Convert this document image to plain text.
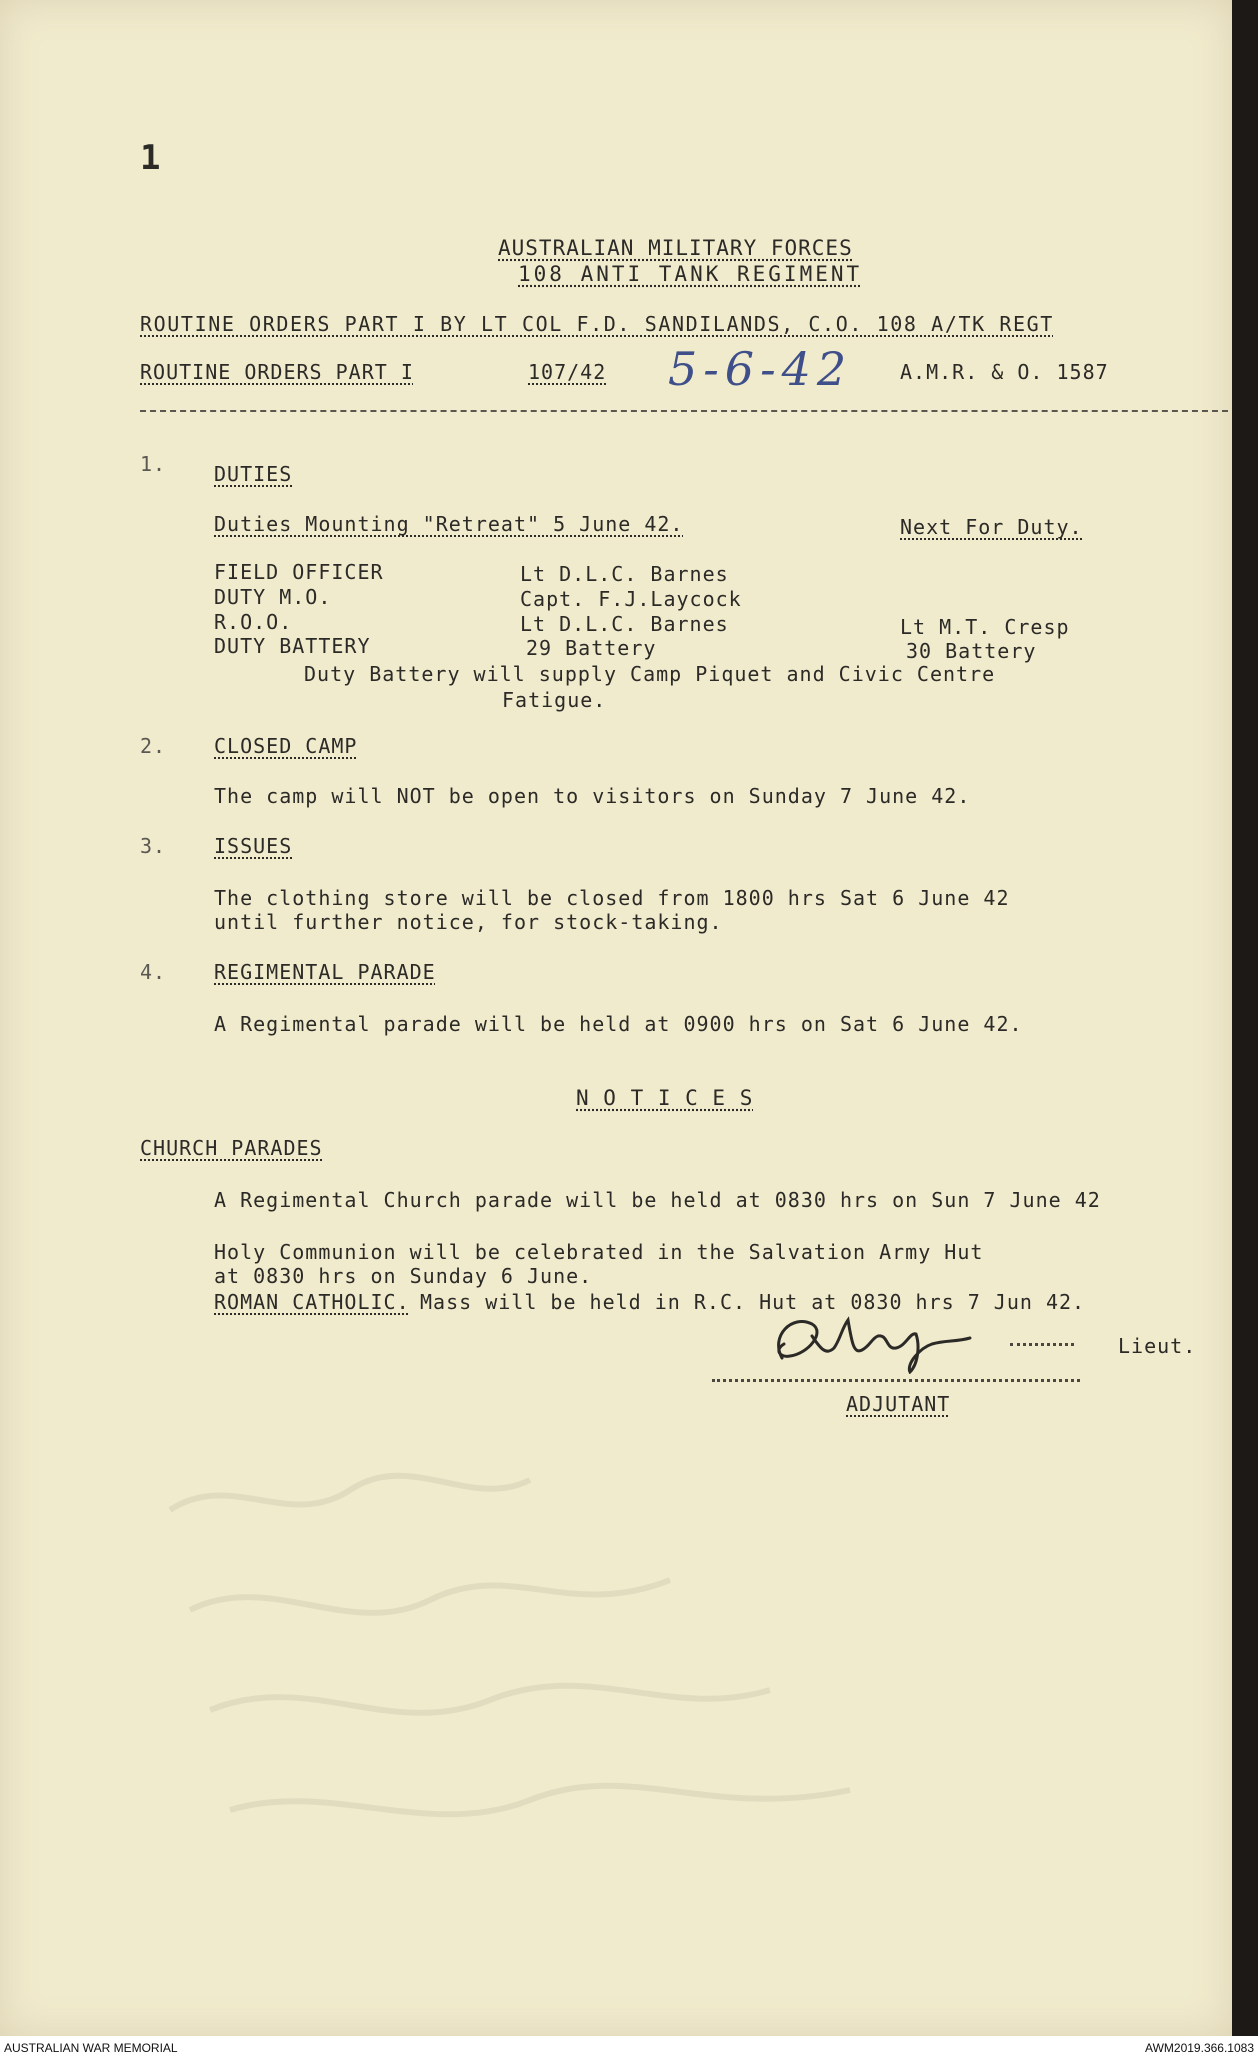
1
AUSTRALIAN MILITARY FORCES
108 ANTI TANK REGIMENT
ROUTINE ORDERS PART I BY LT COL F.D. SANDILANDS, C.O. 108 A/TK REGT
ROUTINE ORDERS PART I	107/42 5-6-42 A.M.R. & O. 1587
1. DUTIES
Duties Mounting "Retreat" 5 June 42.	Next For Duty.
FIELD OFFICER	Lt D.L.C. Barnes
DUTY M.O.	Capt. F.J.Laycock
R.O.O.	Lt D.L.C. Barnes	Lt M.T. Cresp
DUTY BATTERY	29 Battery	30 Battery
Duty Battery will supply Camp Piquet and Civic Centre
Fatigue.
2. CLOSED CAMP
The camp will NOT be open to visitors on Sunday 7 June 42.
3. ISSUES
The clothing store will be closed from 1800 hrs Sat 6 June 42
until further notice, for stock-taking.
4. REGIMENTAL PARADE
A Regimental parade will be held at 0900 hrs on Sat 6 June 42.
N O T I C E S
CHURCH PARADES
A Regimental Church parade will be held at 0830 hrs on Sun 7 June 42
Holy Communion will be celebrated in the Salvation Army Hut
at 0830 hrs on Sunday 6 June.
ROMAN CATHOLIC. Mass will be held in R.C. Hut at 0830 hrs 7 Jun 42.
Lieut.
ADJUTANT
AUSTRALIAN WAR MEMORIAL	AWM2019.366.1083
